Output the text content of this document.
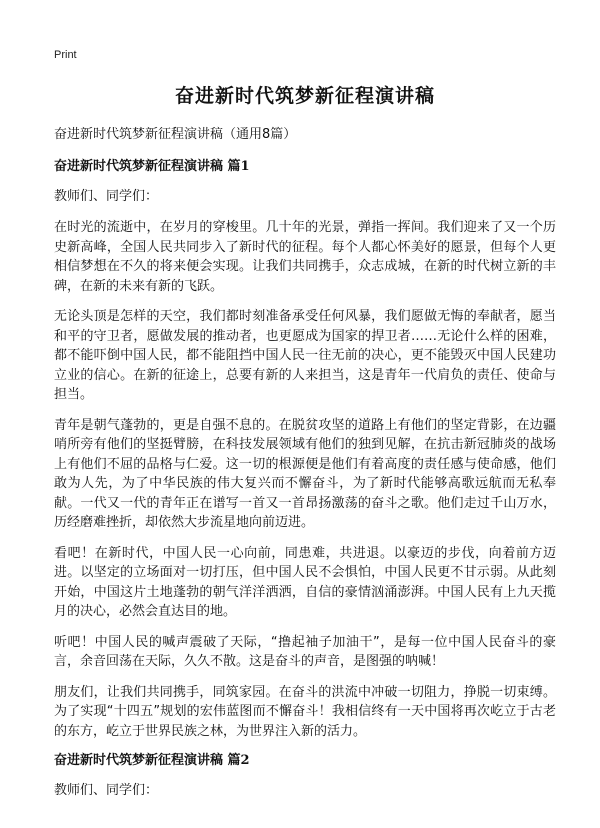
Print
奋进新时代筑梦新征程演讲稿
奋进新时代筑梦新征程演讲稿（通用8篇）
奋进新时代筑梦新征程演讲稿 篇1
教师们、同学们：

在时光的流逝中，在岁月的穿梭里。几十年的光景，弹指一挥间。我们迎来了又一个历史新高峰，全国人民共同步入了新时代的征程。每个人都心怀美好的愿景，但每个人更相信梦想在不久的将来便会实现。让我们共同携手，众志成城，在新的时代树立新的丰碑，在新的未来有新的飞跃。

无论头顶是怎样的天空，我们都时刻准备承受任何风暴，我们愿做无悔的奉献者，愿当和平的守卫者，愿做发展的推动者，也更愿成为国家的捍卫者……无论什么样的困难，都不能吓倒中国人民，都不能阻挡中国人民一往无前的决心，更不能毁灭中国人民建功立业的信心。在新的征途上，总要有新的人来担当，这是青年一代肩负的责任、使命与担当。

青年是朝气蓬勃的，更是自强不息的。在脱贫攻坚的道路上有他们的坚定背影，在边疆哨所旁有他们的坚挺臂膀，在科技发展领域有他们的独到见解，在抗击新冠肺炎的战场上有他们不屈的品格与仁爱。这一切的根源便是他们有着高度的责任感与使命感，他们敢为人先，为了中华民族的伟大复兴而不懈奋斗，为了新时代能够高歌远航而无私奉献。一代又一代的青年正在谱写一首又一首昂扬激荡的奋斗之歌。他们走过千山万水，历经磨难挫折，却依然大步流星地向前迈进。

看吧！在新时代，中国人民一心向前，同患难，共进退。以豪迈的步伐，向着前方迈进。以坚定的立场面对一切打压，但中国人民不会惧怕，中国人民更不甘示弱。从此刻开始，中国这片土地蓬勃的朝气洋洋洒洒，自信的豪情汹涌澎湃。中国人民有上九天揽月的决心，必然会直达目的地。

听吧！中国人民的喊声震破了天际，“撸起袖子加油干”，是每一位中国人民奋斗的豪言，余音回荡在天际，久久不散。这是奋斗的声音，是图强的呐喊！

朋友们，让我们共同携手，同筑家园。在奋斗的洪流中冲破一切阻力，挣脱一切束缚。为了实现“十四五”规划的宏伟蓝图而不懈奋斗！我相信终有一天中国将再次屹立于古老的东方，屹立于世界民族之林，为世界注入新的活力。

奋进新时代筑梦新征程演讲稿 篇2
教师们、同学们：
